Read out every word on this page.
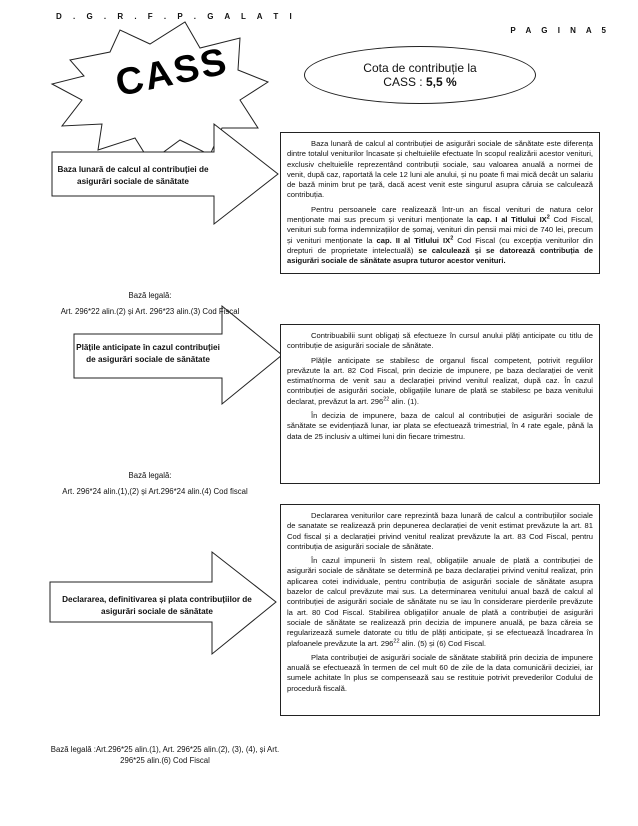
D . G . R . F . P . G A L A T I
P A G I N A 5
CASS	Cota de contribuție la
CASS : 5,5 %
Baza lunară de calcul al contribuției de asigurări sociale de sănătate

Baza lunară de calcul al contribuției de asigurări sociale de sănătate este diferența dintre totalul veniturilor încasate și cheltuielile efectuate în scopul realizării acestor venituri, exclusiv cheltuielile reprezentând contribuții sociale, sau valoarea anuală a normei de venit, după caz, raportată la cele 12 luni ale anului, și nu poate fi mai mică decât un salariu de bază minim brut pe țară, dacă acest venit este singurul asupra căruia se calculează contribuția.

Pentru persoanele care realizează într-un an fiscal venituri de natura celor menționate mai sus precum și venituri menționate la cap. I al Titlului $IX^2$ Cod Fiscal, venituri sub forma indemnizațiilor de șomaj, venituri din pensii mai mici de 740 lei, precum și venituri menționate la cap. II al Titlului $IX^2$ Cod Fiscal (cu excepția veniturilor din drepturi de proprietate intelectuală) se calculează și se datorează contribuția de asigurări sociale de sănătate asupra tuturor acestor venituri.

Bază legală:
Art. 296*22 alin.(2) și Art. 296*23 alin.(3) Cod Fiscal
Plățile anticipate în cazul contribuției
de asigurări sociale de sănătate

Contribuabilii sunt obligați să efectueze în cursul anului plăți anticipate cu titlu de contribuție de asigurări sociale de sănătate.

Plățile anticipate se stabilesc de organul fiscal competent, potrivit regulilor prevăzute la art. 82 Cod Fiscal, prin decizie de impunere, pe baza declarației de venit estimat/norma de venit sau a declarației privind venitul realizat, după caz. În cazul contribuției de asigurări sociale, obligațiile lunare de plată se stabilesc pe baza venitului declarat, prevăzut la art. $296^{22}$ alin. (1).

În decizia de impunere, baza de calcul al contribuției de asigurări sociale de sănătate se evidențiază lunar, iar plata se efectuează trimestrial, în 4 rate egale, până la data de 25 inclusiv a ultimei luni din fiecare trimestru.

Bază legală:
Art. 296*24 alin.(1),(2) și Art.296*24 alin.(4) Cod fiscal
Declararea, definitivarea și plata contribuțiilor de asigurări sociale de sănătate

Declararea veniturilor care reprezintă baza lunară de calcul a contribuțiilor sociale de sanatate se realizează prin depunerea declarației de venit estimat prevăzute la art. 81 Cod fiscal și a declarației privind venitul realizat prevăzute la art. 83 Cod Fiscal, pentru contribuția de asigurări sociale de sănătate.

În cazul impunerii în sistem real, obligațiile anuale de plată a contribuției de asigurări sociale de sănătate se determină pe baza declarației privind venitul realizat, prin aplicarea cotei individuale, pentru contribuția de asigurări sociale de sănătate asupra bazelor de calcul prevăzute mai sus. La determinarea venitului anual bază de calcul al contribuției de asigurări sociale de sănătate nu se iau în considerare pierderile prevăzute la art. 80 Cod Fiscal. Stabilirea obligațiilor anuale de plată a contribuției de asigurări sociale de sănătate se realizează prin decizia de impunere anuală, pe baza căreia se regularizează sumele datorate cu titlu de plăți anticipate, și se efectuează încadrarea în plafoanele prevăzute la art. $296^{22}$ alin. (5) și (6) Cod Fiscal.

Plata contribuției de asigurări sociale de sănătate stabilită prin decizia de impunere anuală se efectuează în termen de cel mult 60 de zile de la data comunicării deciziei, iar sumele achitate în plus se compensează sau se restituie potrivit prevederilor Codului de procedură fiscală.

Bază legală :Art.296*25 alin.(1), Art. 296*25 alin.(2), (3), (4), și Art. 296*25 alin.(6) Cod Fiscal
